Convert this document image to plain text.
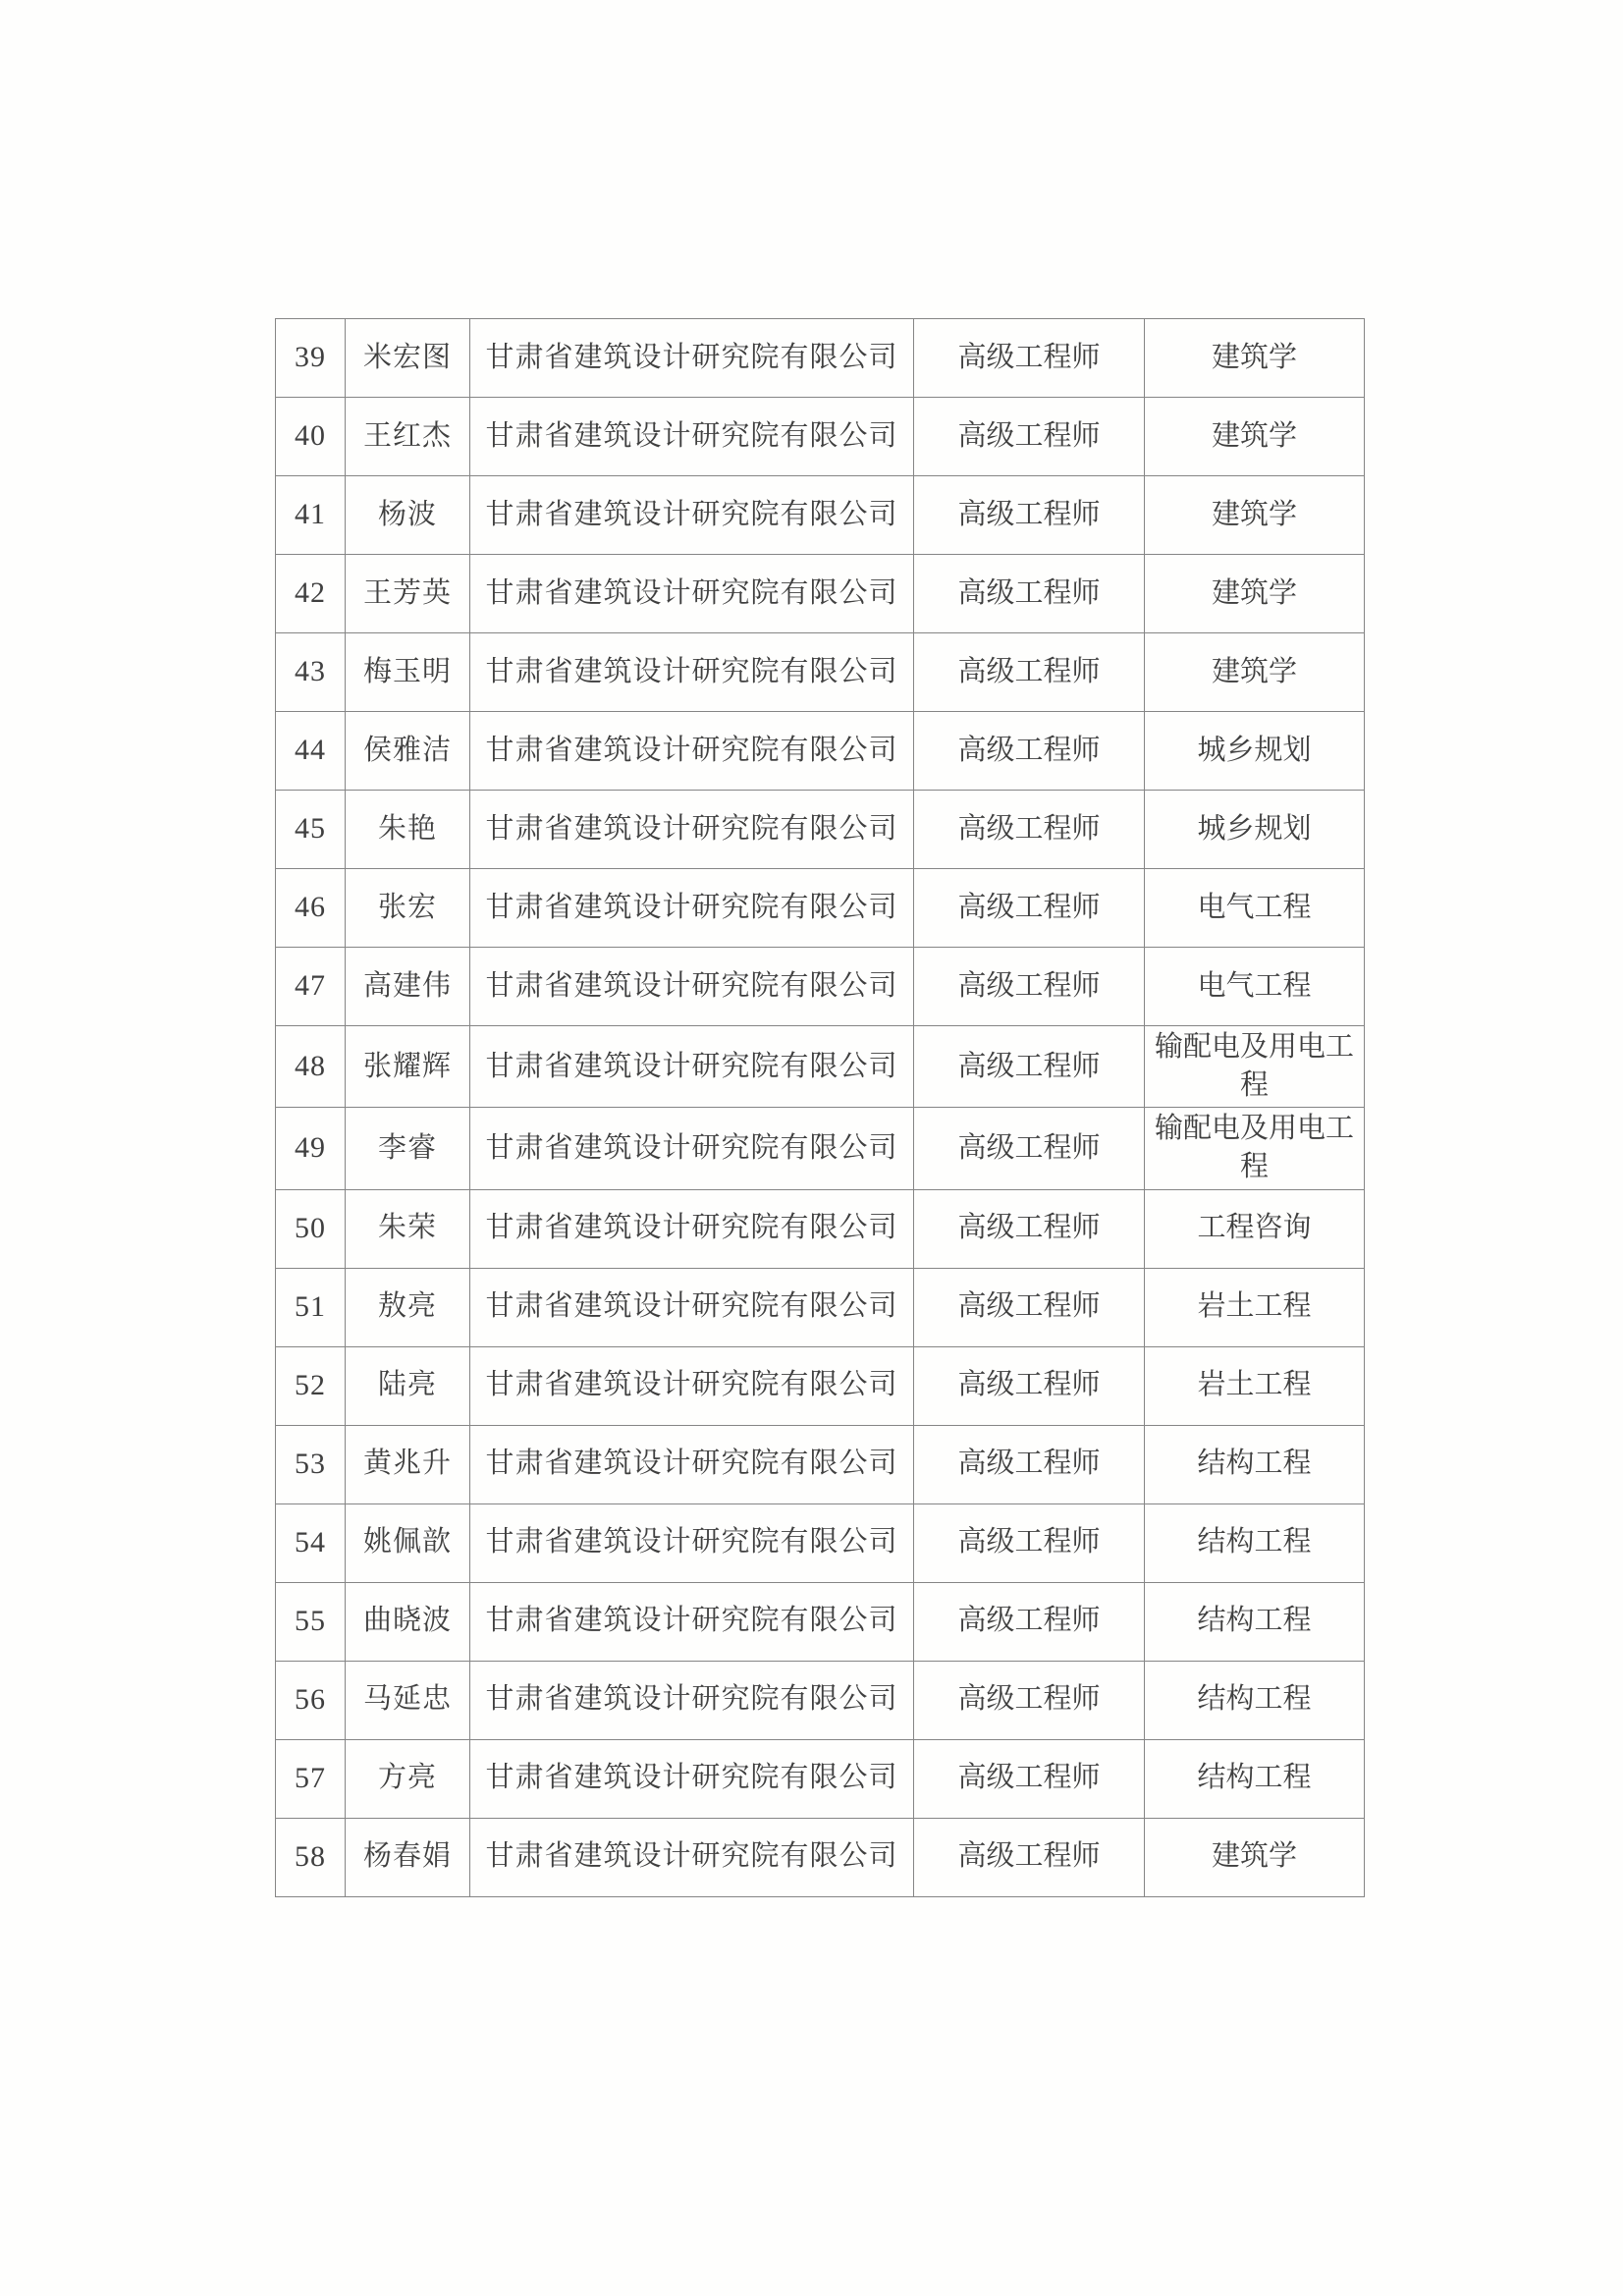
39	米宏图	甘肃省建筑设计研究院有限公司	高级工程师	建筑学
40	王红杰	甘肃省建筑设计研究院有限公司	高级工程师	建筑学
41	杨波	甘肃省建筑设计研究院有限公司	高级工程师	建筑学
42	王芳英	甘肃省建筑设计研究院有限公司	高级工程师	建筑学
43	梅玉明	甘肃省建筑设计研究院有限公司	高级工程师	建筑学
44	侯雅洁	甘肃省建筑设计研究院有限公司	高级工程师	城乡规划
45	朱艳	甘肃省建筑设计研究院有限公司	高级工程师	城乡规划
46	张宏	甘肃省建筑设计研究院有限公司	高级工程师	电气工程
47	高建伟	甘肃省建筑设计研究院有限公司	高级工程师	电气工程
48	张耀辉	甘肃省建筑设计研究院有限公司	高级工程师	输配电及用电工程
49	李睿	甘肃省建筑设计研究院有限公司	高级工程师	输配电及用电工程
50	朱荣	甘肃省建筑设计研究院有限公司	高级工程师	工程咨询
51	敖亮	甘肃省建筑设计研究院有限公司	高级工程师	岩土工程
52	陆亮	甘肃省建筑设计研究院有限公司	高级工程师	岩土工程
53	黄兆升	甘肃省建筑设计研究院有限公司	高级工程师	结构工程
54	姚佩歆	甘肃省建筑设计研究院有限公司	高级工程师	结构工程
55	曲晓波	甘肃省建筑设计研究院有限公司	高级工程师	结构工程
56	马延忠	甘肃省建筑设计研究院有限公司	高级工程师	结构工程
57	方亮	甘肃省建筑设计研究院有限公司	高级工程师	结构工程
58	杨春娟	甘肃省建筑设计研究院有限公司	高级工程师	建筑学
